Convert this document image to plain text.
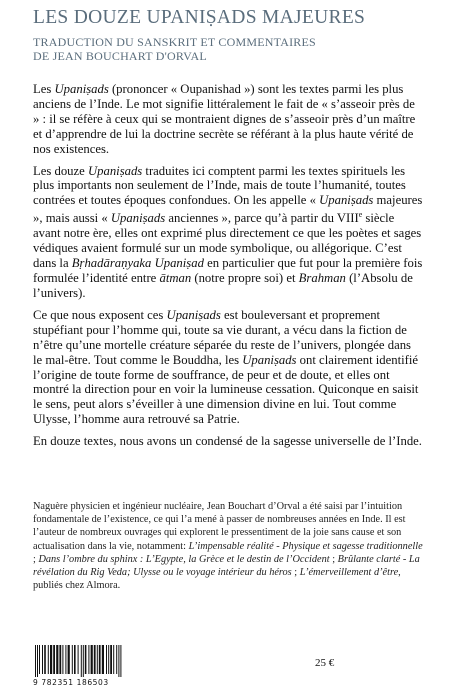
LES DOUZE UPANIṢADS MAJEURES
TRADUCTION DU SANSKRIT ET COMMENTAIRES
DE JEAN BOUCHART D'ORVAL

Les Upaniṣads (prononcer « Oupanishad ») sont les textes parmi les plus anciens de l’Inde. Le mot signifie littéralement le fait de « s’asseoir près de » : il se réfère à ceux qui se montraient dignes de s’asseoir près d’un maître et d’apprendre de lui la doctrine secrète se référant à la plus haute vérité de nos existences.

Les douze Upaniṣads traduites ici comptent parmi les textes spirituels les plus importants non seulement de l’Inde, mais de toute l’humanité, toutes contrées et toutes époques confondues. On les appelle « Upaniṣads majeures », mais aussi « Upaniṣads anciennes », parce qu’à partir du VIIIe siècle avant notre ère, elles ont exprimé plus directement ce que les poètes et sages védiques avaient formulé sur un mode symbolique, ou allégorique. C’est dans la Bṛhadāraṇyaka Upaniṣad en particulier que fut pour la première fois formulée l’identité entre ātman (notre propre soi) et Brahman (l’Absolu de l’univers).

Ce que nous exposent ces Upaniṣads est bouleversant et proprement stupéfiant pour l’homme qui, toute sa vie durant, a vécu dans la fiction de n’être qu’une mortelle créature séparée du reste de l’univers, plongée dans le mal-être. Tout comme le Bouddha, les Upaniṣads ont clairement identifié l’origine de toute forme de souffrance, de peur et de doute, et elles ont montré la direction pour en voir la lumineuse cessation. Quiconque en saisit le sens, peut alors s’éveiller à une dimension divine en lui. Tout comme Ulysse, l’homme aura retrouvé sa Patrie.

En douze textes, nous avons un condensé de la sagesse universelle de l’Inde.

Naguère physicien et ingénieur nucléaire, Jean Bouchart d’Orval a été saisi par l’intuition fondamentale de l’existence, ce qui l’a mené à passer de nombreuses années en Inde. Il est l’auteur de nombreux ouvrages qui explorent le pressentiment de la joie sans cause et son actualisation dans la vie, notamment: L’impensable réalité - Physique et sagesse traditionnelle ; Dans l’ombre du sphinx : L’Egypte, la Grèce et le destin de l’Occident ; Brûlante clarté - La révélation du Rig Veda; Ulysse ou le voyage intérieur du héros ; L’émerveillement d’être, publiés chez Almora.

9 782351 186503
25 €
